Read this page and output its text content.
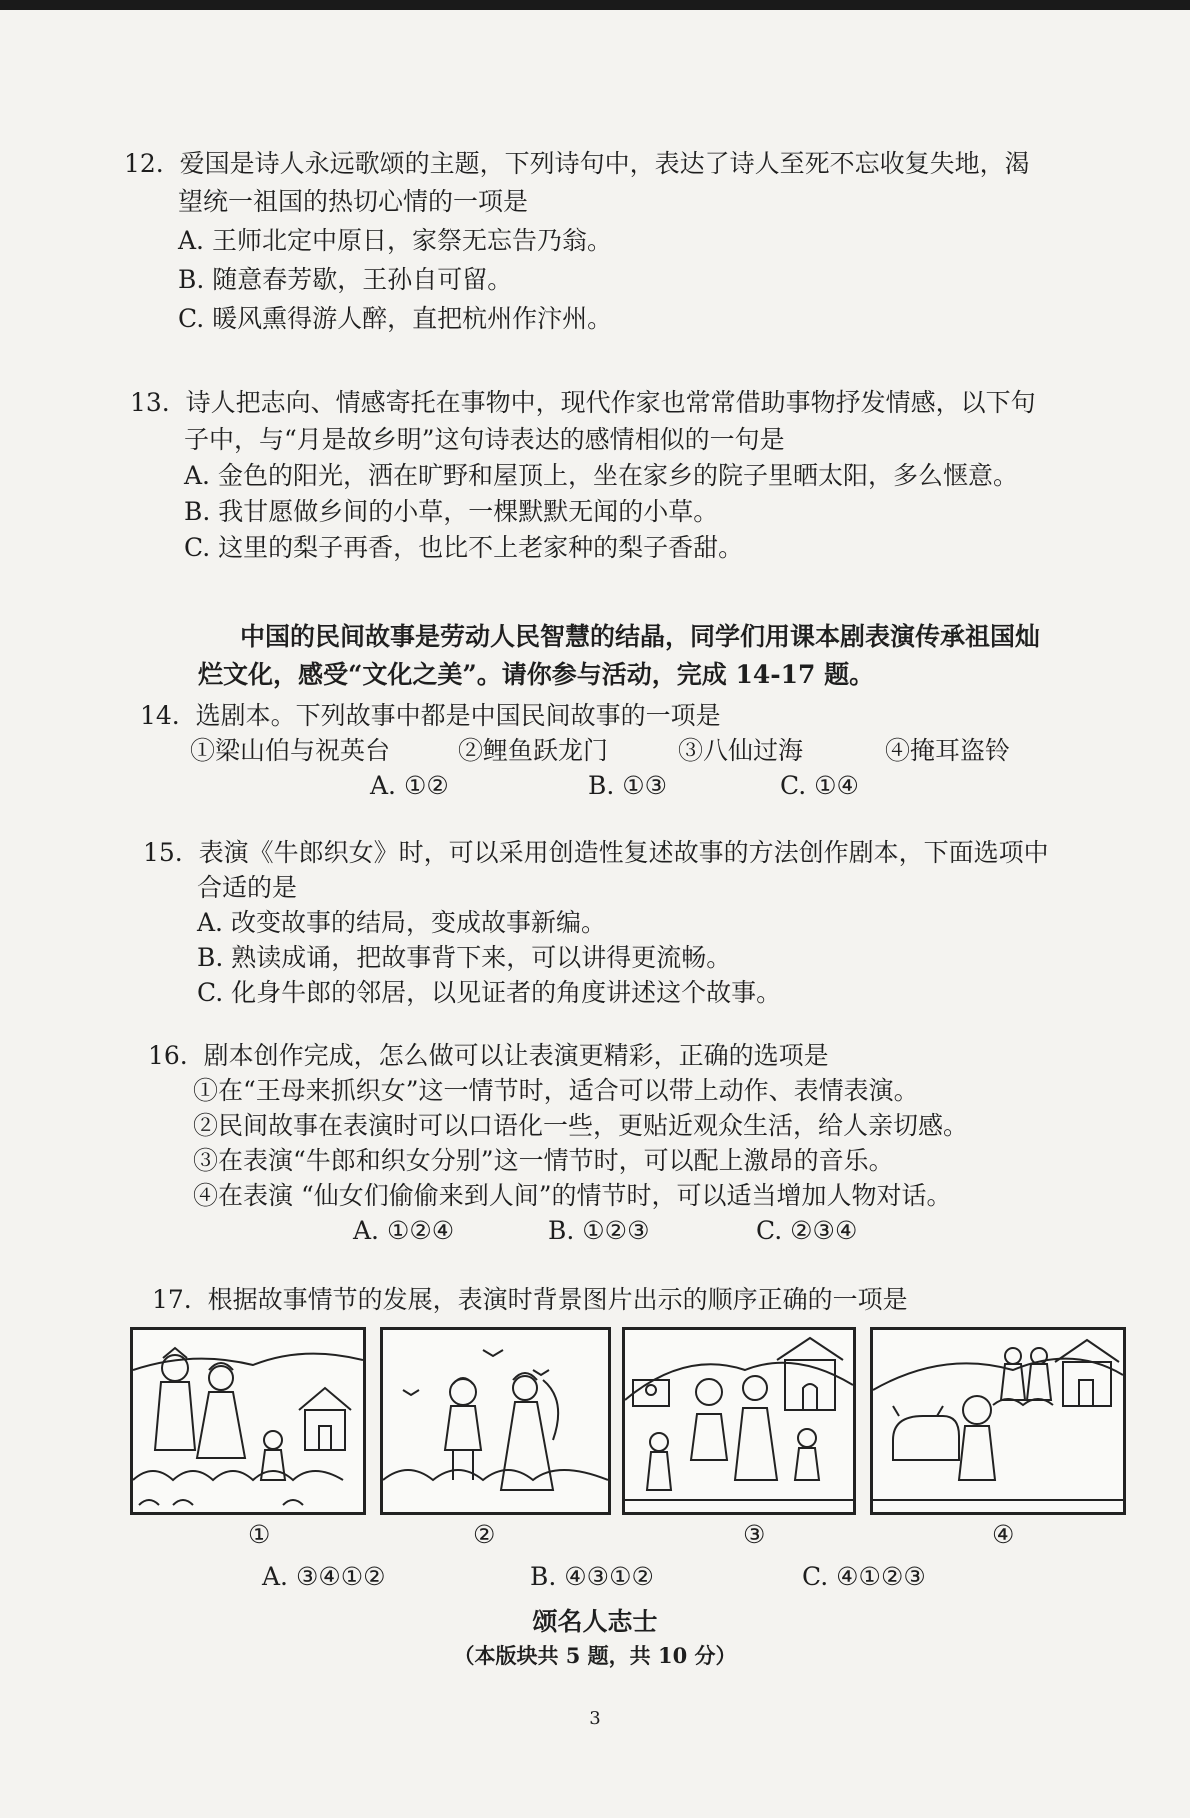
12. 爱国是诗人永远歌颂的主题，下列诗句中，表达了诗人至死不忘收复失地，渴
望统一祖国的热切心情的一项是
A. 王师北定中原日，家祭无忘告乃翁。
B. 随意春芳歇，王孙自可留。
C. 暖风熏得游人醉，直把杭州作汴州。
13. 诗人把志向、情感寄托在事物中，现代作家也常常借助事物抒发情感，以下句
子中，与“月是故乡明”这句诗表达的感情相似的一句是
A. 金色的阳光，洒在旷野和屋顶上，坐在家乡的院子里晒太阳，多么惬意。
B. 我甘愿做乡间的小草，一棵默默无闻的小草。
C. 这里的梨子再香，也比不上老家种的梨子香甜。
中国的民间故事是劳动人民智慧的结晶，同学们用课本剧表演传承祖国灿
烂文化，感受“文化之美”。请你参与活动，完成 14-17 题。
14. 选剧本。下列故事中都是中国民间故事的一项是
①梁山伯与祝英台	②鲤鱼跃龙门	③八仙过海	④掩耳盗铃
A. ①②	B. ①③	C. ①④
15. 表演《牛郎织女》时，可以采用创造性复述故事的方法创作剧本，下面选项中
合适的是
A. 改变故事的结局，变成故事新编。
B. 熟读成诵，把故事背下来，可以讲得更流畅。
C. 化身牛郎的邻居，以见证者的角度讲述这个故事。
16. 剧本创作完成，怎么做可以让表演更精彩，正确的选项是
①在“王母来抓织女”这一情节时，适合可以带上动作、表情表演。
②民间故事在表演时可以口语化一些，更贴近观众生活，给人亲切感。
③在表演“牛郎和织女分别”这一情节时，可以配上激昂的音乐。
④在表演 “仙女们偷偷来到人间”的情节时，可以适当增加人物对话。
A. ①②④	B. ①②③	C. ②③④
17. 根据故事情节的发展，表演时背景图片出示的顺序正确的一项是
①	②	③	④
A. ③④①②	B. ④③①②	C. ④①②③
颂名人志士
（本版块共 5 题，共 10 分）
3
